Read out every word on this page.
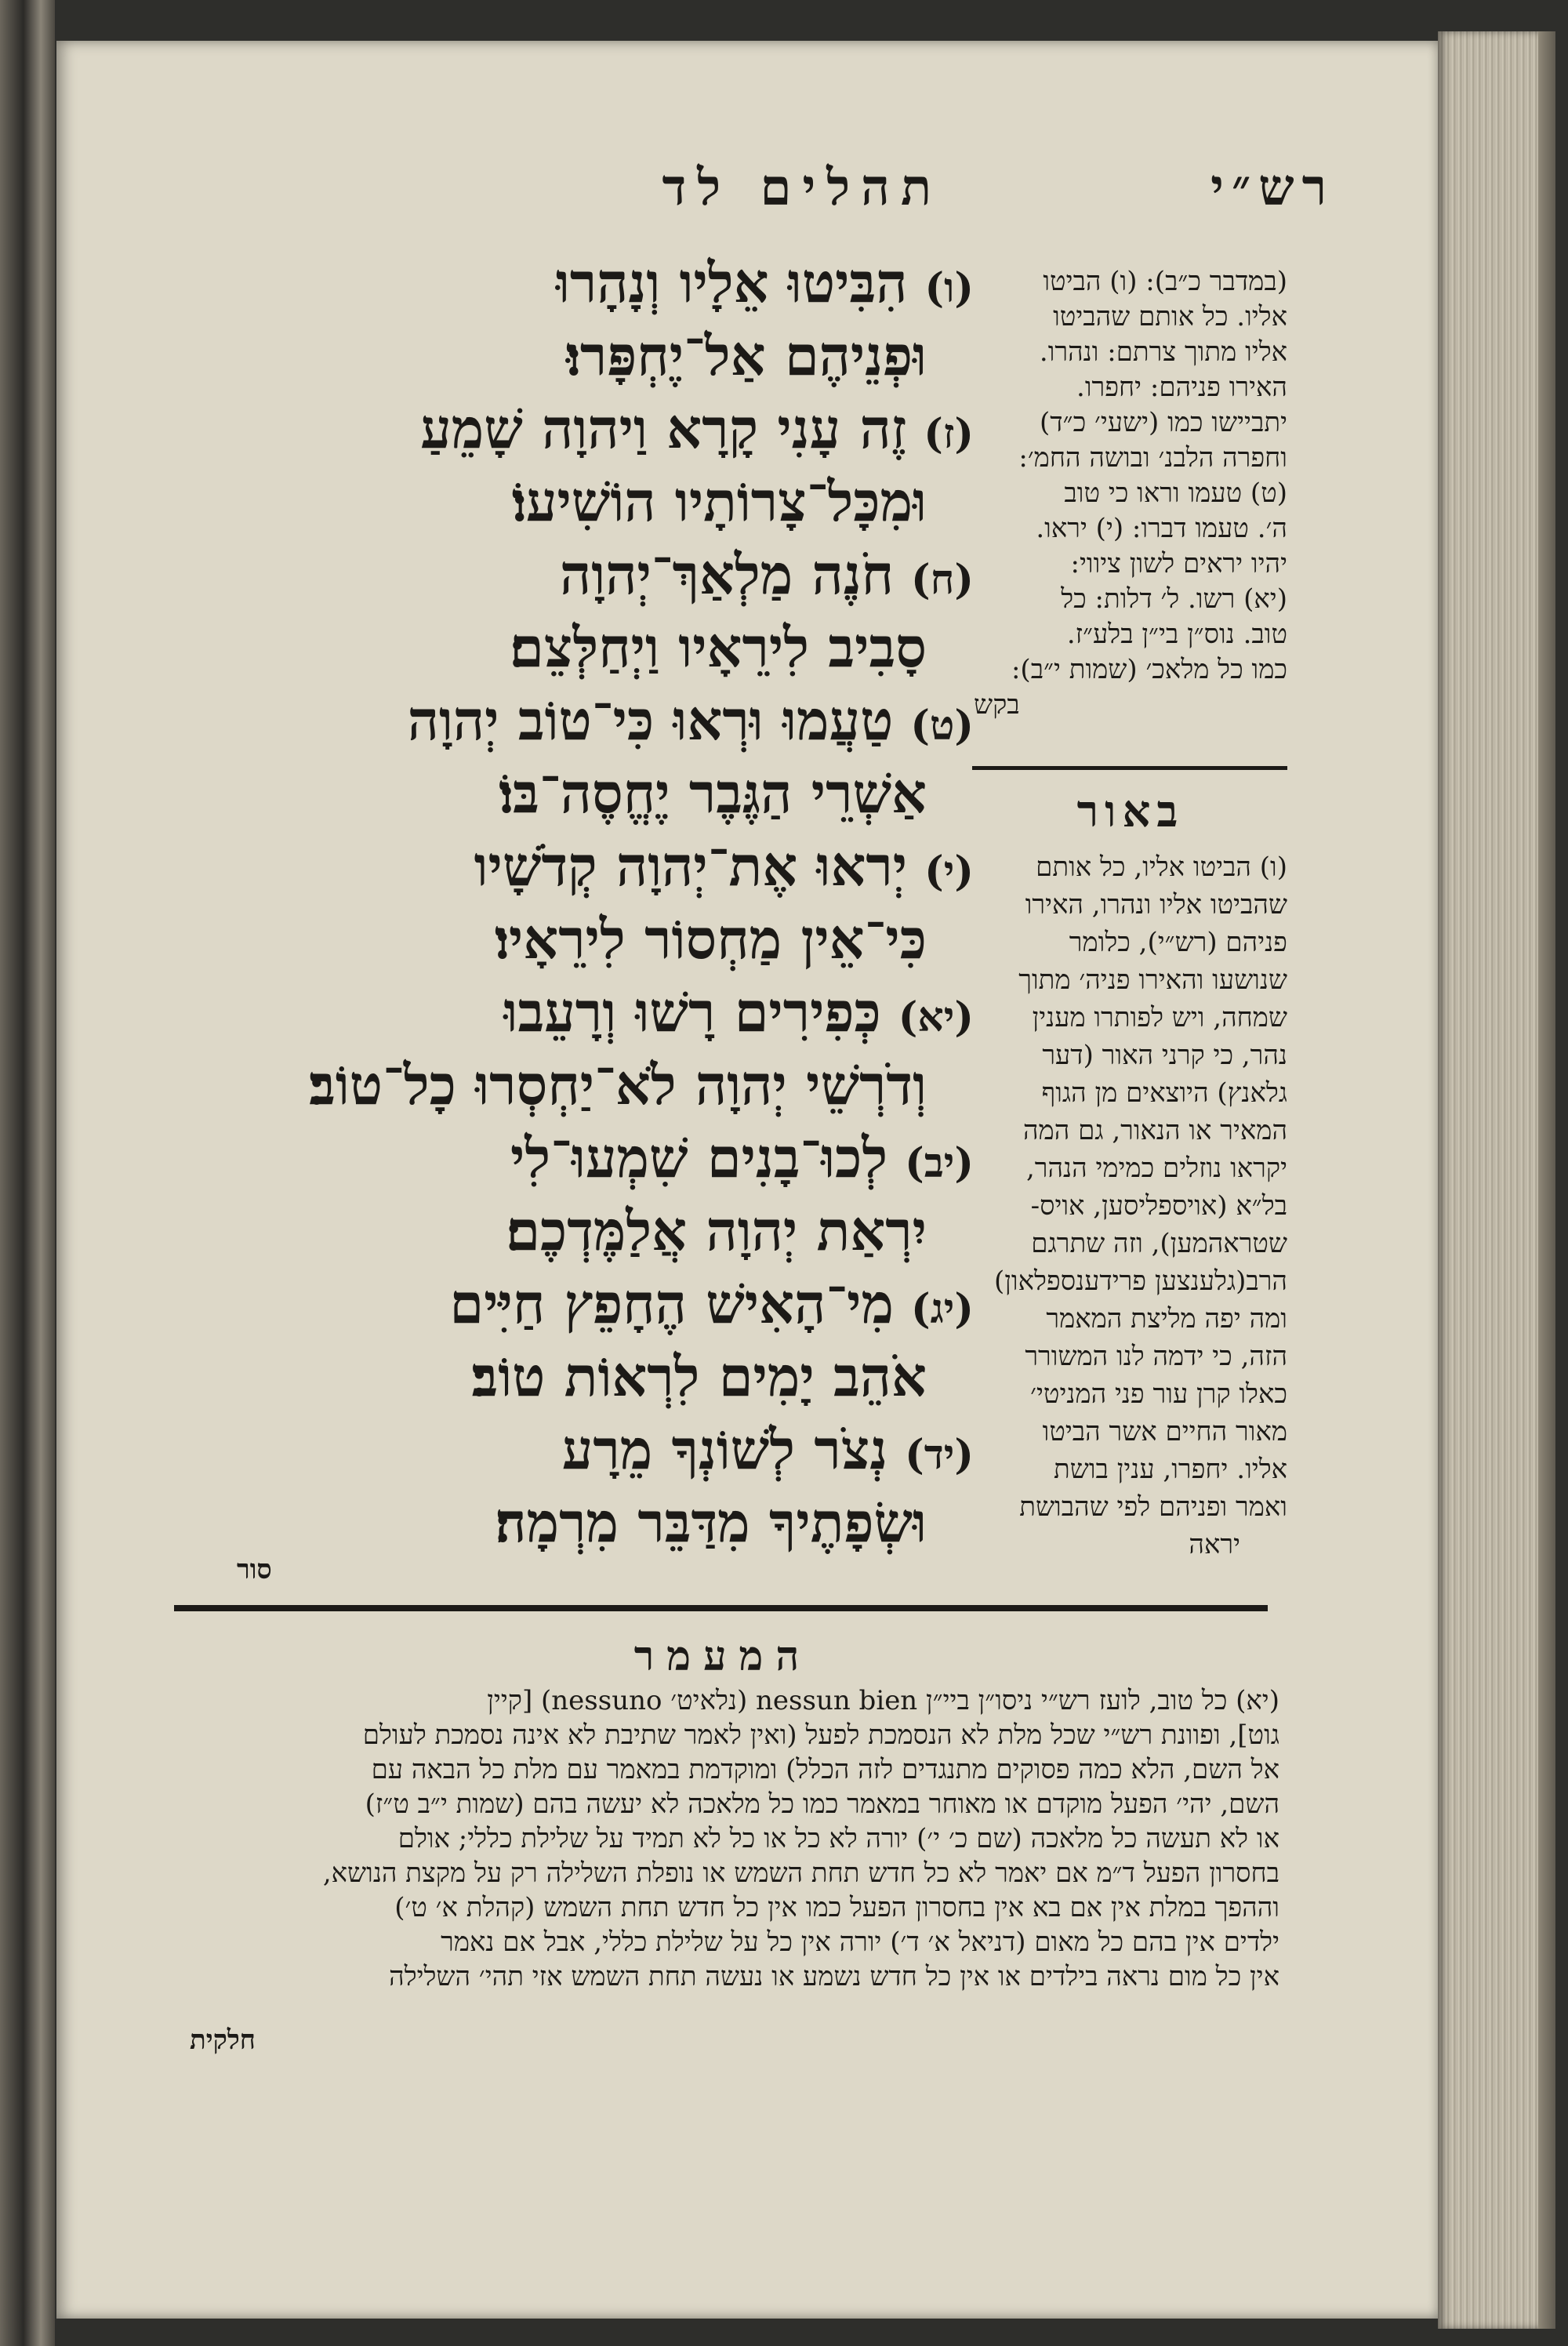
תהלים לד	רש״י
(ו)הִבִּיטוּ אֵלָיו וְנָהָרוּ
וּפְנֵיהֶם אַל־יֶחְפָּרוּ׃
(ז)זֶה עָנִי קָרָא וַיהוָה שָׁמֵעַ
וּמִכָּל־צָרוֹתָיו הוֹשִׁיעוֹ׃
(ח)חֹנֶה מַלְאַךְ־יְהוָה
סָבִיב לִירֵאָיו וַיְחַלְּצֵם׃
(ט)טַעֲמוּ וּרְאוּ כִּי־טוֹב יְהוָה
אַשְׁרֵי הַגֶּבֶר יֶחֱסֶה־בּוֹ׃
(י)יְראוּ אֶת־יְהוָה קְדֹשָׁיו
כִּי־אֵין מַחְסוֹר לִירֵאָיו׃
(יא)כְּפִירִים רָשׁוּ וְרָעֵבוּ
וְדֹרְשֵׁי יְהוָה לֹא־יַחְסְרוּ כָל־טוֹב׃
(יב)לְכוּ־בָנִים שִׁמְעוּ־לִי
יִרְאַת יְהוָה אֲלַמֶּדְכֶם׃
(יג)מִי־הָאִישׁ הֶחָפֵץ חַיִּים
אֹהֵב יָמִים לִרְאוֹת טוֹב׃
(יד)נְצֹר לְשׁוֹנְךָ מֵרָע
וּשְׂפָתֶיךָ מִדַּבֵּר מִרְמָה׃
(במדבר כ״ב): (ו) הביטו
אליו. כל אותם שהביטו
אליו מתוך צרתם: ונהרו.
האירו פניהם: יחפרו.
יתביישו כמו (ישעי׳ כ״ד)
וחפרה הלבנ׳ ובושה החמ׳:
(ט) טעמו וראו כי טוב
ה׳. טעמו דברו: (י) יראו.
יהיו יראים לשון ציווי:
(יא) רשו. ל׳ דלות: כל
טוב. נוס״ן בי״ן בלע״ז.
כמו כל מלאכ׳ (שמות י״ב):
בקש
באור
(ו) הביטו אליו, כל אותם
שהביטו אליו ונהרו, האירו
פניהם (רש״י), כלומר
שנושעו והאירו פניה׳ מתוך
שמחה, ויש לפותרו מענין
נהר, כי קרני האור (דער
גלאנץ) היוצאים מן הגוף
המאיר או הנאור, גם המה
יקראו נוזלים כמימי הנהר,
בל״א (אויספליסען, אויס-
שטראהמען), וזה שתרגם
הרב(גלענצען פרידענספלאון)
ומה יפה מליצת המאמר
הזה, כי ידמה לנו המשורר
כאלו קרן עור פני המניטי׳
מאור החיים אשר הביטו
אליו. יחפרו, ענין בושת
ואמר ופניהם לפי שהבושת
יראה
סור
המעמר
(יא) כל טוב, לועז רש״י ניסו״ן ביי״ן nessun bien (נלאיט׳ nessuno) [קיין
גוט], ופוונת רש״י שכל מלת לא הנסמכת לפעל (ואין לאמר שתיבת לא אינה נסמכת לעולם
אל השם, הלא כמה פסוקים מתנגדים לזה הכלל) ומוקדמת במאמר עם מלת כל הבאה עם
השם, יהי׳ הפעל מוקדם או מאוחר במאמר כמו כל מלאכה לא יעשה בהם (שמות י״ב ט״ז)
או לא תעשה כל מלאכה (שם כ׳ י׳) יורה לא כל או כל לא תמיד על שלילת כללי; אולם
בחסרון הפעל ד״מ אם יאמר לא כל חדש תחת השמש או נופלת השלילה רק על מקצת הנושא,
וההפך במלת אין אם בא אין בחסרון הפעל כמו אין כל חדש תחת השמש (קהלת א׳ ט׳)
ילדים אין בהם כל מאום (דניאל א׳ ד׳) יורה אין כל על שלילת כללי, אבל אם נאמר
אין כל מום נראה בילדים או אין כל חדש נשמע או נעשה תחת השמש אזי תהי׳ השלילה
חלקית
